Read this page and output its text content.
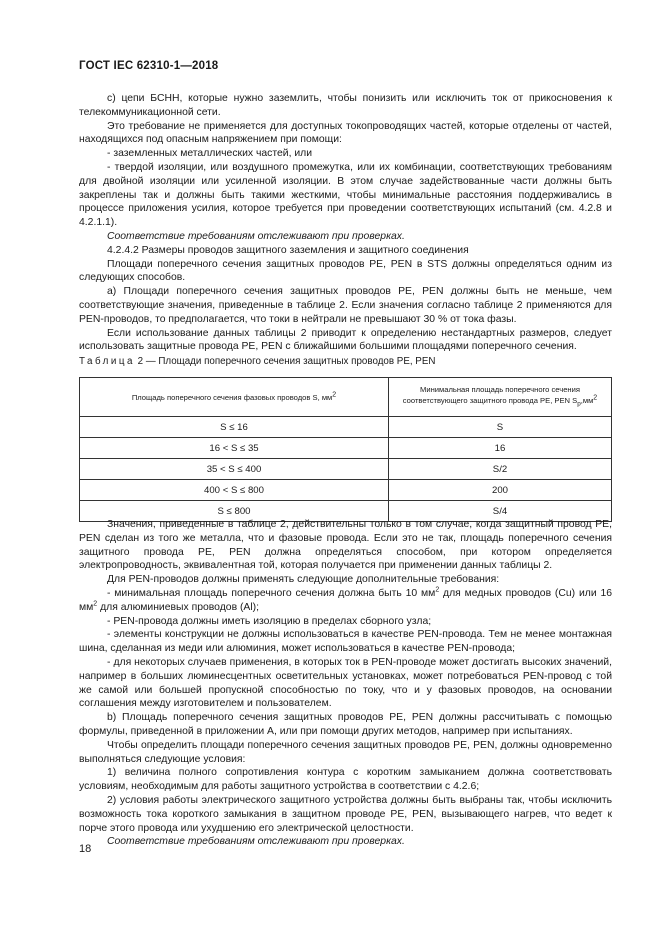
ГОСТ IEC 62310-1—2018

с) цепи БСНН, которые нужно заземлить, чтобы понизить или исключить ток от прикосновения к телекоммуникационной сети.

Это требование не применяется для доступных токопроводящих частей, которые отделены от частей, находящихся под опасным напряжением при помощи:

- заземленных металлических частей, или

- твердой изоляции, или воздушного промежутка, или их комбинации, соответствующих требованиям для двойной изоляции или усиленной изоляции. В этом случае задействованные части должны быть закреплены так и должны быть такими жесткими, чтобы минимальные расстояния поддерживались в процессе приложения усилия, которое требуется при проведении соответствующих испытаний (см. 4.2.8 и 4.2.1.1).

Соответствие требованиям отслеживают при проверках.

4.2.4.2 Размеры проводов защитного заземления и защитного соединения

Площади поперечного сечения защитных проводов РЕ, PEN в STS должны определяться одним из следующих способов.

а) Площади поперечного сечения защитных проводов РЕ, PEN должны быть не меньше, чем соответствующие значения, приведенные в таблице 2. Если значения согласно таблице 2 применяются для PEN-проводов, то предполагается, что токи в нейтрали не превышают 30 % от тока фазы.

Если использование данных таблицы 2 приводит к определению нестандартных размеров, следует использовать защитные провода РЕ, PEN с ближайшими большими площадями поперечного сечения.

Таблица 2 — Площади поперечного сечения защитных проводов РЕ, PEN
Площадь поперечного сечения фазовых проводов S, $мм^2$	Минимальная площадь поперечного сечения
соответствующего защитного провода РЕ, PEN $S_p,мм^2$
S ≤ 16	S
16 < S ≤ 35	16
35 < S ≤ 400	S/2
400 < S ≤ 800	200
S ≤ 800	S/4

Значения, приведенные в таблице 2, действительны только в том случае, когда защитный провод РЕ, PEN сделан из того же металла, что и фазовые провода. Если это не так, площадь поперечного сечения защитного провода РЕ, PEN должна определяться способом, при котором определяется электропроводность, эквивалентная той, которая получается при применении данных таблицы 2.

Для PEN-проводов должны применять следующие дополнительные требования:

- минимальная площадь поперечного сечения должна быть 10 $мм^2$ для медных проводов (Cu) или 16 $мм^2$ для алюминиевых проводов (Al);

- PEN-провода должны иметь изоляцию в пределах сборного узла;

- элементы конструкции не должны использоваться в качестве PEN-провода. Тем не менее монтажная шина, сделанная из меди или алюминия, может использоваться в качестве PEN-провода;

- для некоторых случаев применения, в которых ток в PEN-проводе может достигать высоких значений, например в больших люминесцентных осветительных установках, может потребоваться PEN-провод с той же самой или большей пропускной способностью по току, что и у фазовых проводов, на основании соглашения между изготовителем и пользователем.

b) Площадь поперечного сечения защитных проводов РЕ, PEN должны рассчитывать с помощью формулы, приведенной в приложении А, или при помощи других методов, например при испытаниях.

Чтобы определить площади поперечного сечения защитных проводов РЕ, PEN, должны одновременно выполняться следующие условия:

1) величина полного сопротивления контура с коротким замыканием должна соответствовать условиям, необходимым для работы защитного устройства в соответствии с 4.2.6;

2) условия работы электрического защитного устройства должны быть выбраны так, чтобы исключить возможность тока короткого замыкания в защитном проводе РЕ, PEN, вызывающего нагрев, что ведет к порче этого провода или ухудшению его электрической целостности.

Соответствие требованиям отслеживают при проверках.

18
